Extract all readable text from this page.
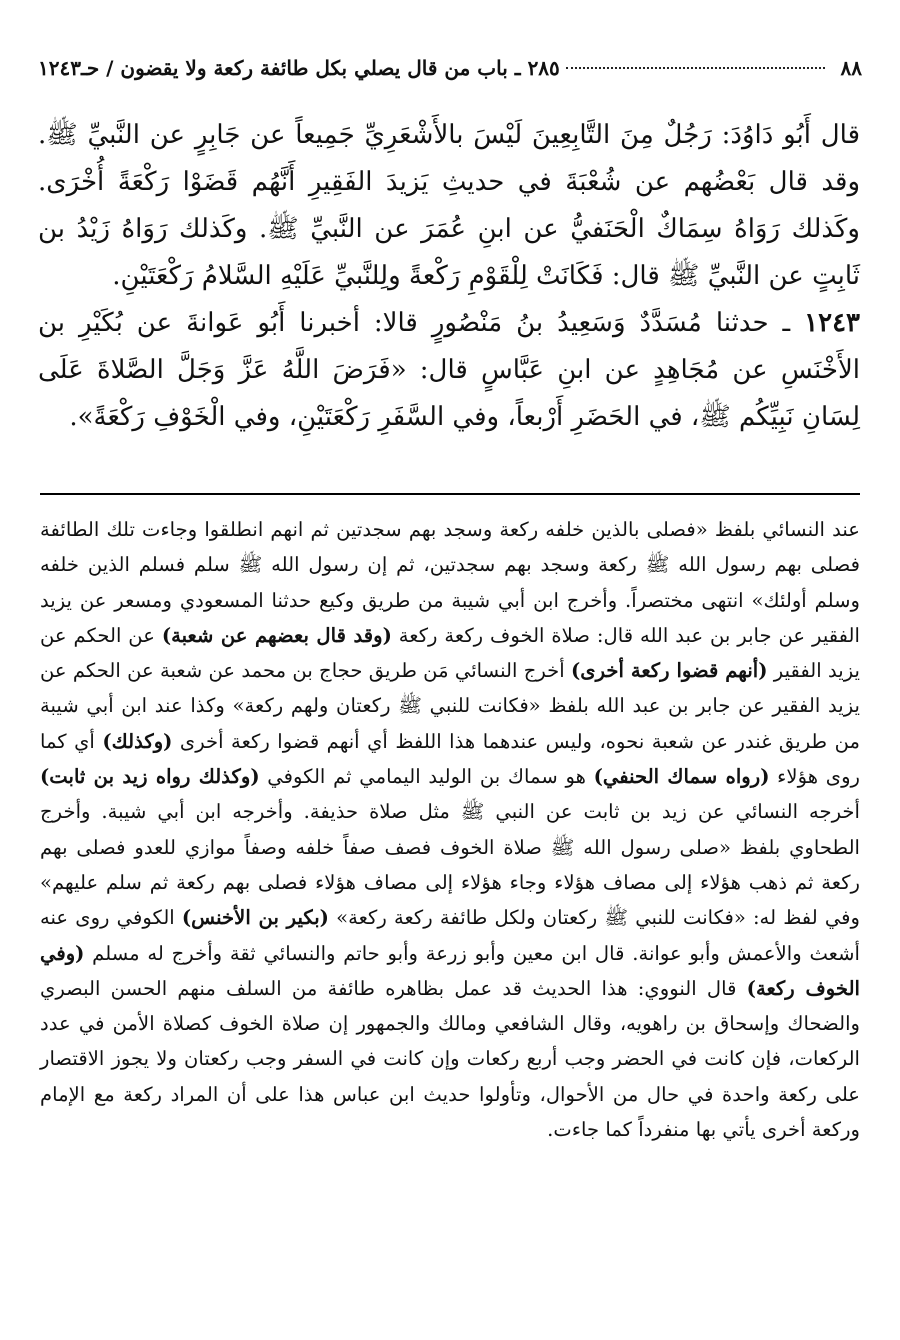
٨٨
٢٨٥ ـ باب من قال يصلي بكل طائفة ركعة ولا يقضون / حـ١٢٤٣

قال أَبُو دَاوُدَ: رَجُلٌ مِنَ التَّابِعِينَ لَيْسَ بالأَشْعَرِيِّ جَمِيعاً عن جَابِرٍ عن النَّبيِّ ﷺ. وقد قال بَعْضُهم عن شُعْبَةَ في حديثِ يَزيدَ الفَقِيرِ أَنَّهُم قَضَوْا رَكْعَةً أُخْرَى. وكَذلك رَوَاهُ سِمَاكٌ الْحَنَفيُّ عن ابنِ عُمَرَ عن النَّبيِّ ﷺ. وكَذلك رَوَاهُ زَيْدُ بن ثَابِتٍ عن النَّبيِّ ﷺ قال: فَكَانَتْ لِلْقَوْمِ رَكْعةً ولِلنَّبيِّ عَلَيْهِ السَّلامُ رَكْعَتَيْنِ.

١٢٤٣ ـ حدثنا مُسَدَّدٌ وَسَعِيدُ بنُ مَنْصُورٍ قالا: أخبرنا أَبُو عَوانةَ عن بُكَيْرِ بن الأَخْنَسِ عن مُجَاهِدٍ عن ابنِ عَبَّاسٍ قال: «فَرَضَ اللَّهُ عَزَّ وَجَلَّ الصَّلاةَ عَلَى لِسَانِ نَبِيِّكُم ﷺ، في الحَضَرِ أَرْبعاً، وفي السَّفَرِ رَكْعَتَيْنِ، وفي الْخَوْفِ رَكْعَةً».

عند النسائي بلفظ «فصلى بالذين خلفه ركعة وسجد بهم سجدتين ثم انهم انطلقوا وجاءت تلك الطائفة فصلى بهم رسول الله ﷺ ركعة وسجد بهم سجدتين، ثم إن رسول الله ﷺ سلم فسلم الذين خلفه وسلم أولئك» انتهى مختصراً. وأخرج ابن أبي شيبة من طريق وكيع حدثنا المسعودي ومسعر عن يزيد الفقير عن جابر بن عبد الله قال: صلاة الخوف ركعة ركعة (وقد قال بعضهم عن شعبة) عن الحكم عن يزيد الفقير (أنهم قضوا ركعة أخرى) أخرج النسائي مَن طريق حجاج بن محمد عن شعبة عن الحكم عن يزيد الفقير عن جابر بن عبد الله بلفظ «فكانت للنبي ﷺ ركعتان ولهم ركعة» وكذا عند ابن أبي شيبة من طريق غندر عن شعبة نحوه، وليس عندهما هذا اللفظ أي أنهم قضوا ركعة أخرى (وكذلك) أي كما روى هؤلاء (رواه سماك الحنفي) هو سماك بن الوليد اليمامي ثم الكوفي (وكذلك رواه زيد بن ثابت) أخرجه النسائي عن زيد بن ثابت عن النبي ﷺ مثل صلاة حذيفة. وأخرجه ابن أبي شيبة. وأخرج الطحاوي بلفظ «صلى رسول الله ﷺ صلاة الخوف فصف صفاً خلفه وصفاً موازي للعدو فصلى بهم ركعة ثم ذهب هؤلاء إلى مصاف هؤلاء وجاء هؤلاء إلى مصاف هؤلاء فصلى بهم ركعة ثم سلم عليهم» وفي لفظ له: «فكانت للنبي ﷺ ركعتان ولكل طائفة ركعة ركعة» (بكير بن الأخنس) الكوفي روى عنه أشعث والأعمش وأبو عوانة. قال ابن معين وأبو زرعة وأبو حاتم والنسائي ثقة وأخرج له مسلم (وفي الخوف ركعة) قال النووي: هذا الحديث قد عمل بظاهره طائفة من السلف منهم الحسن البصري والضحاك وإسحاق بن راهويه، وقال الشافعي ومالك والجمهور إن صلاة الخوف كصلاة الأمن في عدد الركعات، فإن كانت في الحضر وجب أربع ركعات وإن كانت في السفر وجب ركعتان ولا يجوز الاقتصار على ركعة واحدة في حال من الأحوال، وتأولوا حديث ابن عباس هذا على أن المراد ركعة مع الإمام وركعة أخرى يأتي بها منفرداً كما جاءت.
